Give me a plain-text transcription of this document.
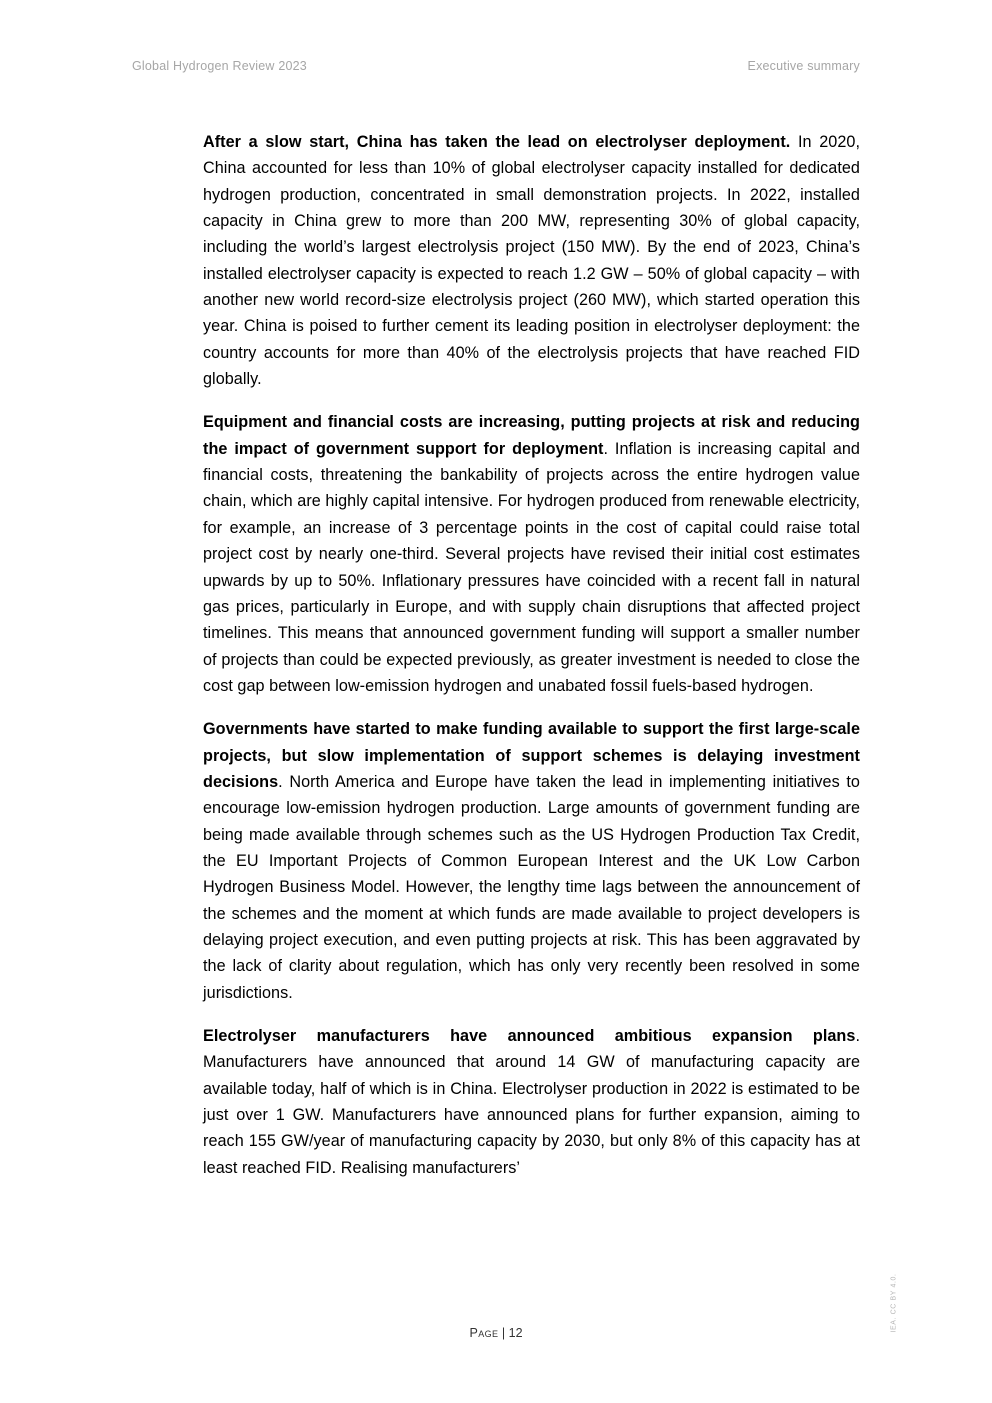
Global Hydrogen Review 2023	Executive summary

After a slow start, China has taken the lead on electrolyser deployment. In 2020, China accounted for less than 10% of global electrolyser capacity installed for dedicated hydrogen production, concentrated in small demonstration projects. In 2022, installed capacity in China grew to more than 200 MW, representing 30% of global capacity, including the world’s largest electrolysis project (150 MW). By the end of 2023, China’s installed electrolyser capacity is expected to reach 1.2 GW – 50% of global capacity – with another new world record-size electrolysis project (260 MW), which started operation this year. China is poised to further cement its leading position in electrolyser deployment: the country accounts for more than 40% of the electrolysis projects that have reached FID globally.

Equipment and financial costs are increasing, putting projects at risk and reducing the impact of government support for deployment. Inflation is increasing capital and financial costs, threatening the bankability of projects across the entire hydrogen value chain, which are highly capital intensive. For hydrogen produced from renewable electricity, for example, an increase of 3 percentage points in the cost of capital could raise total project cost by nearly one-third. Several projects have revised their initial cost estimates upwards by up to 50%. Inflationary pressures have coincided with a recent fall in natural gas prices, particularly in Europe, and with supply chain disruptions that affected project timelines. This means that announced government funding will support a smaller number of projects than could be expected previously, as greater investment is needed to close the cost gap between low-emission hydrogen and unabated fossil fuels-based hydrogen.

Governments have started to make funding available to support the first large-scale projects, but slow implementation of support schemes is delaying investment decisions. North America and Europe have taken the lead in implementing initiatives to encourage low-emission hydrogen production. Large amounts of government funding are being made available through schemes such as the US Hydrogen Production Tax Credit, the EU Important Projects of Common European Interest and the UK Low Carbon Hydrogen Business Model. However, the lengthy time lags between the announcement of the schemes and the moment at which funds are made available to project developers is delaying project execution, and even putting projects at risk. This has been aggravated by the lack of clarity about regulation, which has only very recently been resolved in some jurisdictions.

Electrolyser manufacturers have announced ambitious expansion plans. Manufacturers have announced that around 14 GW of manufacturing capacity are available today, half of which is in China. Electrolyser production in 2022 is estimated to be just over 1 GW. Manufacturers have announced plans for further expansion, aiming to reach 155 GW/year of manufacturing capacity by 2030, but only 8% of this capacity has at least reached FID. Realising manufacturers’

IEA. CC BY 4.0.
Page | 12
